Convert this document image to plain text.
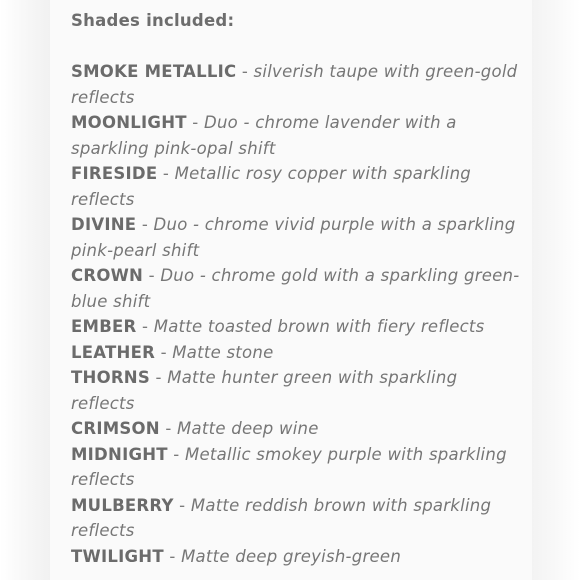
Shades included:

SMOKE METALLIC - silverish taupe with green-gold reflects
MOONLIGHT - Duo - chrome lavender with a sparkling pink-opal shift
FIRESIDE - Metallic rosy copper with sparkling reflects
DIVINE - Duo - chrome vivid purple with a sparkling pink-pearl shift
CROWN - Duo - chrome gold with a sparkling green-blue shift
EMBER - Matte toasted brown with fiery reflects
LEATHER - Matte stone
THORNS - Matte hunter green with sparkling reflects
CRIMSON - Matte deep wine
MIDNIGHT - Metallic smokey purple with sparkling reflects
MULBERRY - Matte reddish brown with sparkling reflects
TWILIGHT - Matte deep greyish-green
